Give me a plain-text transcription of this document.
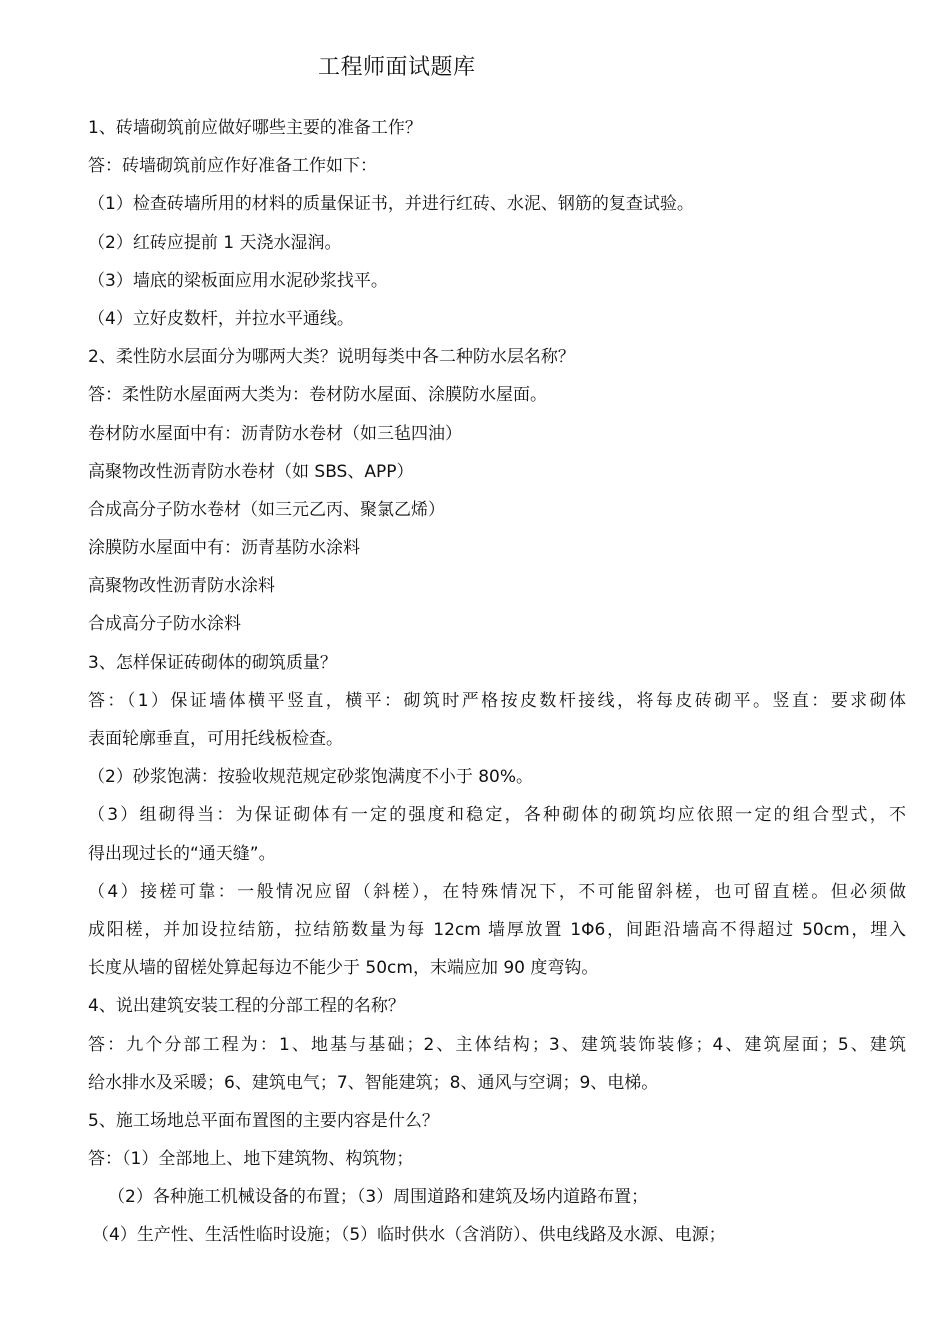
工程师面试题库

1、砖墙砌筑前应做好哪些主要的准备工作？

答：砖墙砌筑前应作好准备工作如下：

（1）检查砖墙所用的材料的质量保证书，并进行红砖、水泥、钢筋的复查试验。

（2）红砖应提前 1 天浇水湿润。

（3）墙底的梁板面应用水泥砂浆找平。

（4）立好皮数杆，并拉水平通线。

2、柔性防水层面分为哪两大类？说明每类中各二种防水层名称？

答：柔性防水屋面两大类为：卷材防水屋面、涂膜防水屋面。

卷材防水屋面中有：沥青防水卷材（如三毡四油）

高聚物改性沥青防水卷材（如 SBS、APP）

合成高分子防水卷材（如三元乙丙、聚氯乙烯）

涂膜防水屋面中有：沥青基防水涂料

高聚物改性沥青防水涂料

合成高分子防水涂料

3、怎样保证砖砌体的砌筑质量？

答：（1）保证墙体横平竖直，横平：砌筑时严格按皮数杆接线，将每皮砖砌平。竖直：要求砌体

表面轮廓垂直，可用托线板检查。

（2）砂浆饱满：按验收规范规定砂浆饱满度不小于 80%。

（3）组砌得当：为保证砌体有一定的强度和稳定，各种砌体的砌筑均应依照一定的组合型式，不

得出现过长的“通天缝”。

（4）接槎可靠：一般情况应留（斜槎），在特殊情况下，不可能留斜槎，也可留直槎。但必须做

成阳槎，并加设拉结筋，拉结筋数量为每 12cm 墙厚放置 1Φ6，间距沿墙高不得超过 50cm，埋入

长度从墙的留槎处算起每边不能少于 50cm，末端应加 90 度弯钩。

4、说出建筑安装工程的分部工程的名称？

答：九个分部工程为：1、地基与基础；2、主体结构；3、建筑装饰装修；4、建筑屋面；5、建筑

给水排水及采暖；6、建筑电气；7、智能建筑；8、通风与空调；9、电梯。

5、施工场地总平面布置图的主要内容是什么？

答：（1）全部地上、地下建筑物、构筑物；

（2）各种施工机械设备的布置；（3）周围道路和建筑及场内道路布置；

（4）生产性、生活性临时设施；（5）临时供水（含消防）、供电线路及水源、电源；
